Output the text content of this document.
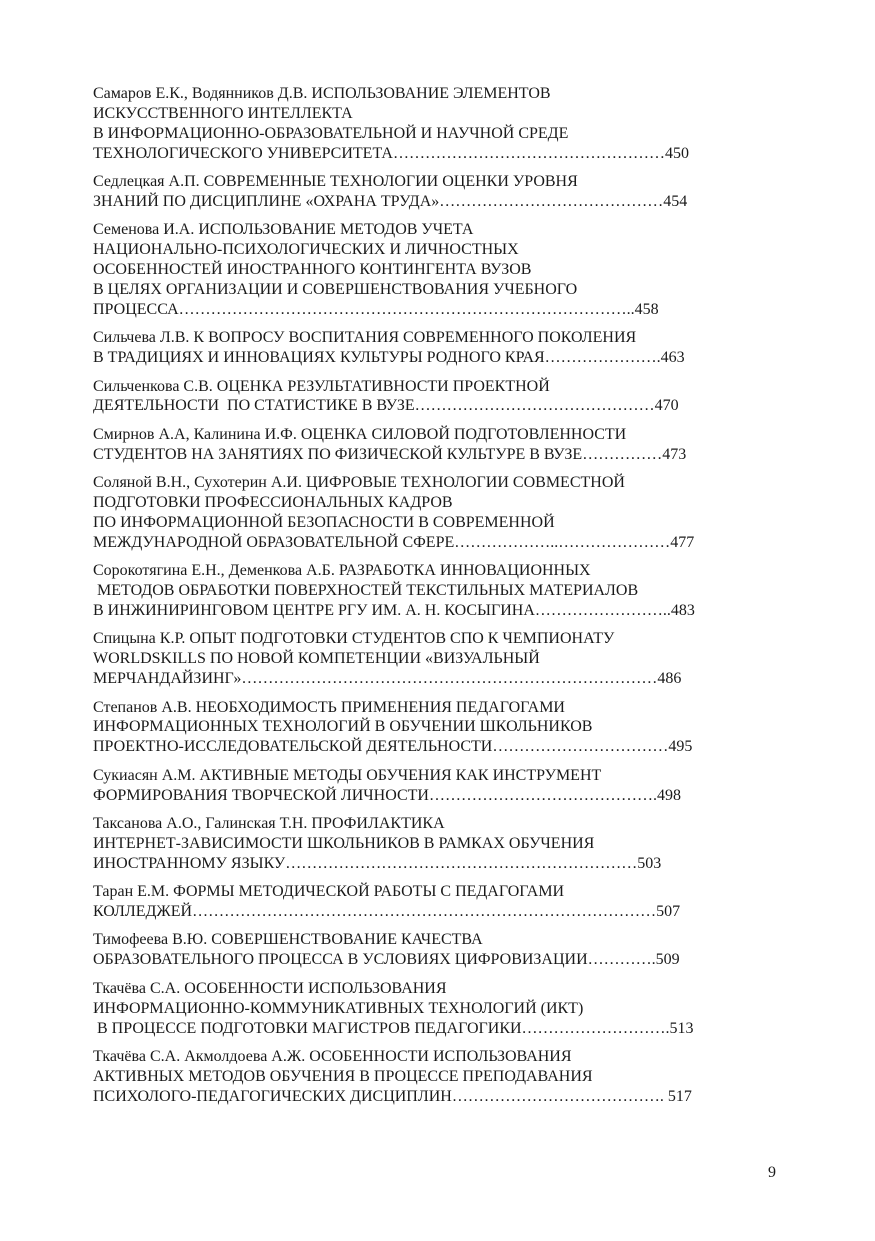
Самаров Е.К., Водянников Д.В. ИСПОЛЬЗОВАНИЕ ЭЛЕМЕНТОВ
ИСКУССТВЕННОГО ИНТЕЛЛЕКТА
В ИНФОРМАЦИОННО-ОБРАЗОВАТЕЛЬНОЙ И НАУЧНОЙ СРЕДЕ
ТЕХНОЛОГИЧЕСКОГО УНИВЕРСИТЕТА……………………………………………450
Седлецкая А.П. СОВРЕМЕННЫЕ ТЕХНОЛОГИИ ОЦЕНКИ УРОВНЯ
ЗНАНИЙ ПО ДИСЦИПЛИНЕ «ОХРАНА ТРУДА»……………………………………454
Семенова И.А. ИСПОЛЬЗОВАНИЕ МЕТОДОВ УЧЕТА
НАЦИОНАЛЬНО-ПСИХОЛОГИЧЕСКИХ И ЛИЧНОСТНЫХ
ОСОБЕННОСТЕЙ ИНОСТРАННОГО КОНТИНГЕНТА ВУЗОВ
В ЦЕЛЯХ ОРГАНИЗАЦИИ И СОВЕРШЕНСТВОВАНИЯ УЧЕБНОГО
ПРОЦЕССА…………………………………………………………………………..458
Сильчева Л.В. К ВОПРОСУ ВОСПИТАНИЯ СОВРЕМЕННОГО ПОКОЛЕНИЯ
В ТРАДИЦИЯХ И ИННОВАЦИЯХ КУЛЬТУРЫ РОДНОГО КРАЯ………………….463
Сильченкова С.В. ОЦЕНКА РЕЗУЛЬТАТИВНОСТИ ПРОЕКТНОЙ
ДЕЯТЕЛЬНОСТИ  ПО СТАТИСТИКЕ В ВУЗЕ………………………………………470
Смирнов А.А, Калинина И.Ф. ОЦЕНКА СИЛОВОЙ ПОДГОТОВЛЕННОСТИ
СТУДЕНТОВ НА ЗАНЯТИЯХ ПО ФИЗИЧЕСКОЙ КУЛЬТУРЕ В ВУЗЕ……………473
Соляной В.Н., Сухотерин А.И. ЦИФРОВЫЕ ТЕХНОЛОГИИ СОВМЕСТНОЙ
ПОДГОТОВКИ ПРОФЕССИОНАЛЬНЫХ КАДРОВ
ПО ИНФОРМАЦИОННОЙ БЕЗОПАСНОСТИ В СОВРЕМЕННОЙ
МЕЖДУНАРОДНОЙ ОБРАЗОВАТЕЛЬНОЙ СФЕРЕ………………..…………………477
Сорокотягина Е.Н., Деменкова А.Б. РАЗРАБОТКА ИННОВАЦИОННЫХ
МЕТОДОВ ОБРАБОТКИ ПОВЕРХНОСТЕЙ ТЕКСТИЛЬНЫХ МАТЕРИАЛОВ
В ИНЖИНИРИНГОВОМ ЦЕНТРЕ РГУ ИМ. А. Н. КОСЫГИНА……………………..483
Спицына К.Р. ОПЫТ ПОДГОТОВКИ СТУДЕНТОВ СПО К ЧЕМПИОНАТУ
WORLDSKILLS ПО НОВОЙ КОМПЕТЕНЦИИ «ВИЗУАЛЬНЫЙ
МЕРЧАНДАЙЗИНГ»……………………………………………………………………486
Степанов А.В. НЕОБХОДИМОСТЬ ПРИМЕНЕНИЯ ПЕДАГОГАМИ
ИНФОРМАЦИОННЫХ ТЕХНОЛОГИЙ В ОБУЧЕНИИ ШКОЛЬНИКОВ
ПРОЕКТНО-ИССЛЕДОВАТЕЛЬСКОЙ ДЕЯТЕЛЬНОСТИ……………………………495
Сукиасян А.М. АКТИВНЫЕ МЕТОДЫ ОБУЧЕНИЯ КАК ИНСТРУМЕНТ
ФОРМИРОВАНИЯ ТВОРЧЕСКОЙ ЛИЧНОСТИ…………………………………….498
Таксанова А.О., Галинская Т.Н. ПРОФИЛАКТИКА
ИНТЕРНЕТ-ЗАВИСИМОСТИ ШКОЛЬНИКОВ В РАМКАХ ОБУЧЕНИЯ
ИНОСТРАННОМУ ЯЗЫКУ…………………………………………………………503
Таран Е.М. ФОРМЫ МЕТОДИЧЕСКОЙ РАБОТЫ С ПЕДАГОГАМИ
КОЛЛЕДЖЕЙ……………………………………………………………………………507
Тимофеева В.Ю. СОВЕРШЕНСТВОВАНИЕ КАЧЕСТВА
ОБРАЗОВАТЕЛЬНОГО ПРОЦЕССА В УСЛОВИЯХ ЦИФРОВИЗАЦИИ………….509
Ткачёва С.А. ОСОБЕННОСТИ ИСПОЛЬЗОВАНИЯ
ИНФОРМАЦИОННО-КОММУНИКАТИВНЫХ ТЕХНОЛОГИЙ (ИКТ)
В ПРОЦЕССЕ ПОДГОТОВКИ МАГИСТРОВ ПЕДАГОГИКИ……………………….513
Ткачёва С.А. Акмолдоева А.Ж. ОСОБЕННОСТИ ИСПОЛЬЗОВАНИЯ
АКТИВНЫХ МЕТОДОВ ОБУЧЕНИЯ В ПРОЦЕССЕ ПРЕПОДАВАНИЯ
ПСИХОЛОГО-ПЕДАГОГИЧЕСКИХ ДИСЦИПЛИН…………………………………. 517
9
